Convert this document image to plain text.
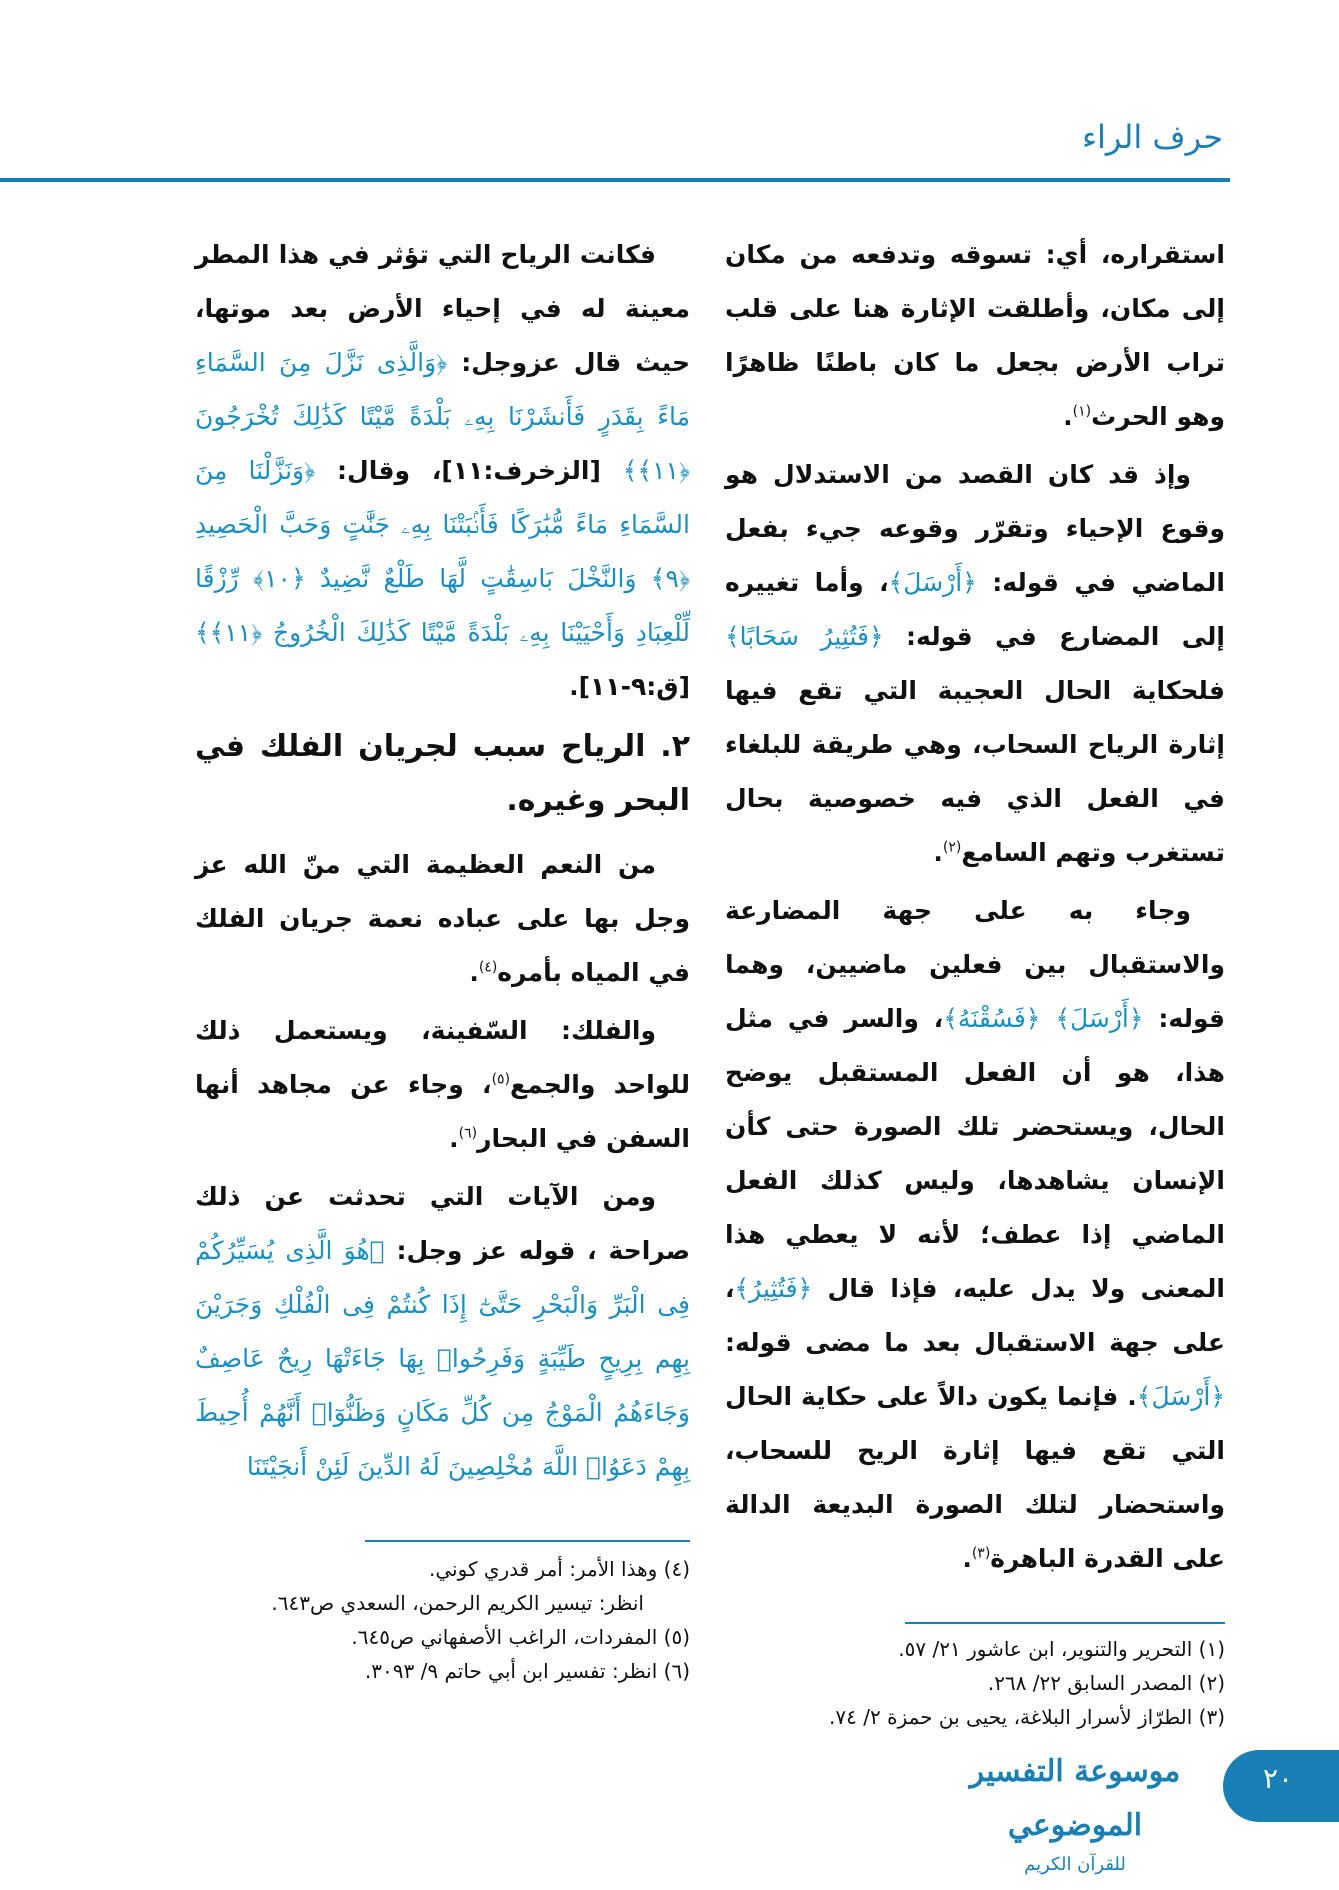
حرف الراء

استقراره، أي: تسوقه وتدفعه من مكان إلى مكان، وأطلقت الإثارة هنا على قلب تراب الأرض بجعل ما كان باطنًا ظاهرًا وهو الحرث$^{(١)}$.

وإذ قد كان القصد من الاستدلال هو وقوع الإحياء وتقرّر وقوعه جيء بفعل الماضي في قوله: ﴿أَرْسَلَ﴾، وأما تغييره إلى المضارع في قوله: ﴿فَتُثِيرُ سَحَابًا﴾ فلحكاية الحال العجيبة التي تقع فيها إثارة الرياح السحاب، وهي طريقة للبلغاء في الفعل الذي فيه خصوصية بحال تستغرب وتهم السامع$^{(٢)}$.

وجاء به على جهة المضارعة والاستقبال بين فعلين ماضيين، وهما قوله: ﴿أَرْسَلَ﴾ ﴿فَسُقْنَهُ﴾، والسر في مثل هذا، هو أن الفعل المستقبل يوضح الحال، ويستحضر تلك الصورة حتى كأن الإنسان يشاهدها، وليس كذلك الفعل الماضي إذا عطف؛ لأنه لا يعطي هذا المعنى ولا يدل عليه، فإذا قال ﴿فَتُثِيرُ﴾، على جهة الاستقبال بعد ما مضى قوله: ﴿أَرْسَلَ﴾. فإنما يكون دالاً على حكاية الحال التي تقع فيها إثارة الريح للسحاب، واستحضار لتلك الصورة البديعة الدالة على القدرة الباهرة$^{(٣)}$.

فكانت الرياح التي تؤثر في هذا المطر معينة له في إحياء الأرض بعد موتها، حيث قال عزوجل: ﴿وَالَّذِى نَزَّلَ مِنَ السَّمَاءِ مَاءً بِقَدَرٍ فَأَنشَرْنَا بِهِۦ بَلْدَةً مَّيْتًا كَذَٰلِكَ تُخْرَجُونَ ﴿١١﴾﴾ [الزخرف:١١]، وقال: ﴿وَنَزَّلْنَا مِنَ السَّمَاءِ مَاءً مُّبَٰرَكًا فَأَنۢبَتْنَا بِهِۦ جَنَّٰتٍ وَحَبَّ الْحَصِيدِ ﴿٩﴾ وَالنَّخْلَ بَاسِقَٰتٍ لَّهَا طَلْعٌ نَّضِيدٌ ﴿١٠﴾ رِّزْقًا لِّلْعِبَادِ وَأَحْيَيْنَا بِهِۦ بَلْدَةً مَّيْتًا كَذَٰلِكَ الْخُرُوجُ ﴿١١﴾﴾[ق:٩-١١].

٢. الرياح سبب لجريان الفلك في البحر وغيره.

من النعم العظيمة التي منّ الله عز وجل بها على عباده نعمة جريان الفلك في المياه بأمره$^{(٤)}$.

والفلك: السّفينة، ويستعمل ذلك للواحد والجمع$^{(٥)}$، وجاء عن مجاهد أنها السفن في البحار$^{(٦)}$.

ومن الآيات التي تحدثت عن ذلك صراحة ، قوله عز وجل: ﴿هُوَ الَّذِى يُسَيِّرُكُمْ فِى الْبَرِّ وَالْبَحْرِ حَتَّىٰٓ إِذَا كُنتُمْ فِى الْفُلْكِ وَجَرَيْنَ بِهِم بِرِيحٍ طَيِّبَةٍ وَفَرِحُوا۟ بِهَا جَاءَتْهَا رِيحٌ عَاصِفٌ وَجَاءَهُمُ الْمَوْجُ مِن كُلِّ مَكَانٍ وَظَنُّوٓا۟ أَنَّهُمْ أُحِيطَ بِهِمْ دَعَوُا۟ اللَّهَ مُخْلِصِينَ لَهُ الدِّينَ لَئِنْ أَنجَيْتَنَا

(١) التحرير والتنوير، ابن عاشور ٢١/ ٥٧.
(٢) المصدر السابق ٢٢/ ٢٦٨.
(٣) الطرّاز لأسرار البلاغة، يحيى بن حمزة ٢/ ٧٤.
(٤) وهذا الأمر: أمر قدري كوني.
انظر: تيسير الكريم الرحمن، السعدي ص٦٤٣.
(٥) المفردات، الراغب الأصفهاني ص٦٤٥.
(٦) انظر: تفسير ابن أبي حاتم ٩/ ٣٠٩٣.
موسوعة التفسير الموضوعي
للقرآن الكريم
٢٠
